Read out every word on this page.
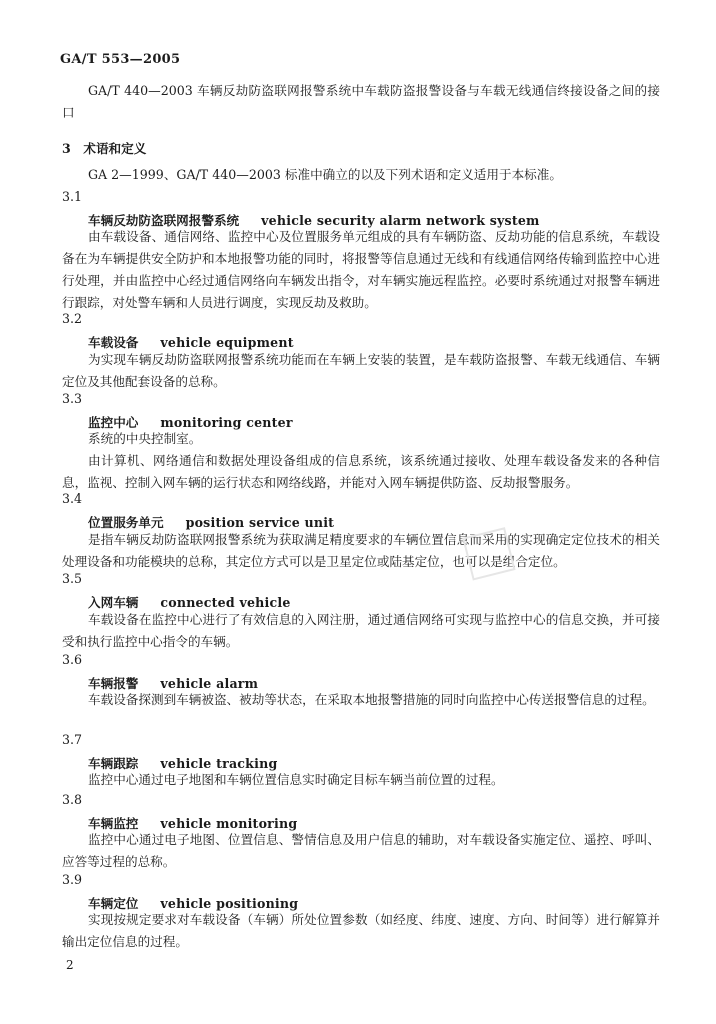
GA/T 553—2005
GA/T 440—2003 车辆反劫防盗联网报警系统中车载防盗报警设备与车载无线通信终接设备之间的接口
3　术语和定义
GA 2—1999、GA/T 440—2003 标准中确立的以及下列术语和定义适用于本标准。
3.1
车辆反劫防盗联网报警系统 vehicle security alarm network system
由车载设备、通信网络、监控中心及位置服务单元组成的具有车辆防盗、反劫功能的信息系统，车载设备在为车辆提供安全防护和本地报警功能的同时，将报警等信息通过无线和有线通信网络传输到监控中心进行处理，并由监控中心经过通信网络向车辆发出指令，对车辆实施远程监控。必要时系统通过对报警车辆进行跟踪，对处警车辆和人员进行调度，实现反劫及救助。
3.2
车载设备 vehicle equipment
为实现车辆反劫防盗联网报警系统功能而在车辆上安装的装置，是车载防盗报警、车载无线通信、车辆定位及其他配套设备的总称。
3.3
监控中心 monitoring center
系统的中央控制室。
由计算机、网络通信和数据处理设备组成的信息系统，该系统通过接收、处理车载设备发来的各种信息，监视、控制入网车辆的运行状态和网络线路，并能对入网车辆提供防盗、反劫报警服务。
3.4
位置服务单元 position service unit
是指车辆反劫防盗联网报警系统为获取满足精度要求的车辆位置信息而采用的实现确定定位技术的相关处理设备和功能模块的总称，其定位方式可以是卫星定位或陆基定位，也可以是组合定位。
3.5
入网车辆 connected vehicle
车载设备在监控中心进行了有效信息的入网注册，通过通信网络可实现与监控中心的信息交换，并可接受和执行监控中心指令的车辆。
3.6
车辆报警 vehicle alarm
车载设备探测到车辆被盗、被劫等状态，在采取本地报警措施的同时向监控中心传送报警信息的过程。
3.7
车辆跟踪 vehicle tracking
监控中心通过电子地图和车辆位置信息实时确定目标车辆当前位置的过程。
3.8
车辆监控 vehicle monitoring
监控中心通过电子地图、位置信息、警情信息及用户信息的辅助，对车载设备实施定位、遥控、呼叫、应答等过程的总称。
3.9
车辆定位 vehicle positioning
实现按规定要求对车载设备（车辆）所处位置参数（如经度、纬度、速度、方向、时间等）进行解算并输出定位信息的过程。
2
